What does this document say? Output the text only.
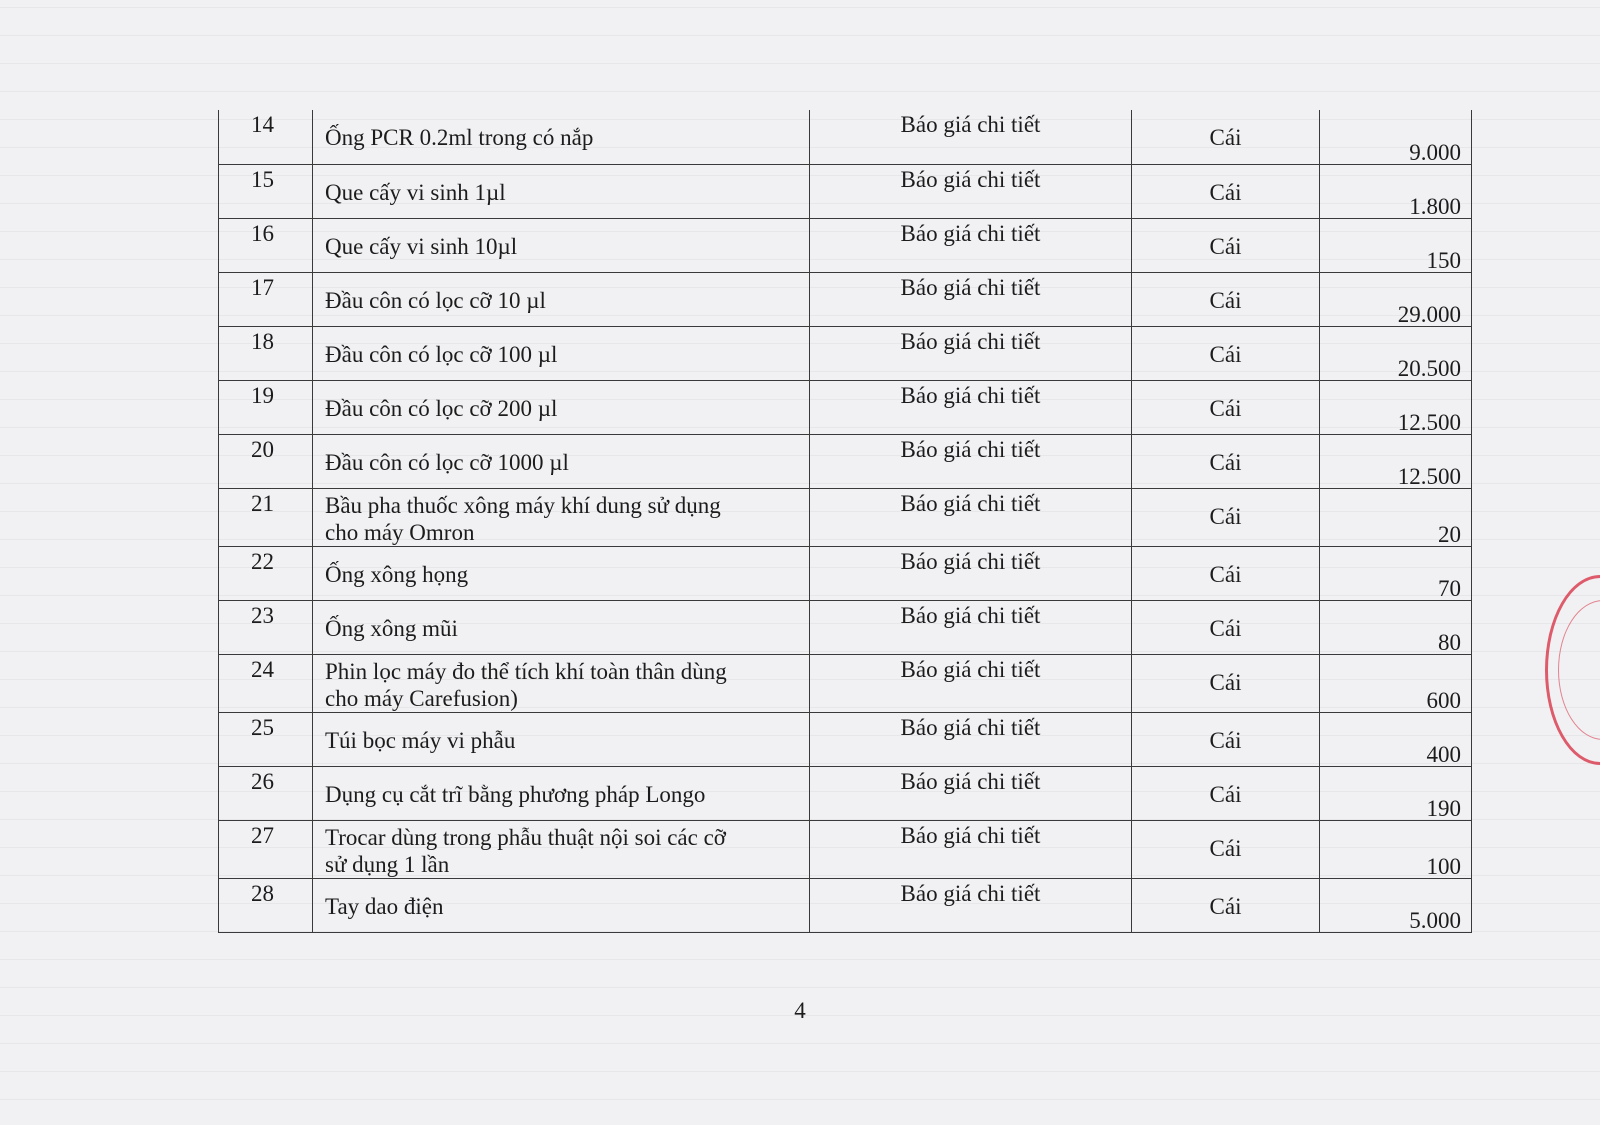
14	Ống PCR 0.2ml trong có nắp	Báo giá chi tiết	Cái	9.000
15	Que cấy vi sinh 1µl	Báo giá chi tiết	Cái	1.800
16	Que cấy vi sinh 10µl	Báo giá chi tiết	Cái	150
17	Đầu côn có lọc cỡ 10 µl	Báo giá chi tiết	Cái	29.000
18	Đầu côn có lọc cỡ 100 µl	Báo giá chi tiết	Cái	20.500
19	Đầu côn có lọc cỡ 200 µl	Báo giá chi tiết	Cái	12.500
20	Đầu côn có lọc cỡ 1000 µl	Báo giá chi tiết	Cái	12.500
21	Bầu pha thuốc xông máy khí dung sử dụng
cho máy Omron	Báo giá chi tiết	Cái	20
22	Ống xông họng	Báo giá chi tiết	Cái	70
23	Ống xông mũi	Báo giá chi tiết	Cái	80
24	Phin lọc máy đo thể tích khí toàn thân dùng
cho máy Carefusion)	Báo giá chi tiết	Cái	600
25	Túi bọc máy vi phẫu	Báo giá chi tiết	Cái	400
26	Dụng cụ cắt trĩ bằng phương pháp Longo	Báo giá chi tiết	Cái	190
27	Trocar dùng trong phẫu thuật nội soi các cỡ
sử dụng 1 lần	Báo giá chi tiết	Cái	100
28	Tay dao điện	Báo giá chi tiết	Cái	5.000
4
